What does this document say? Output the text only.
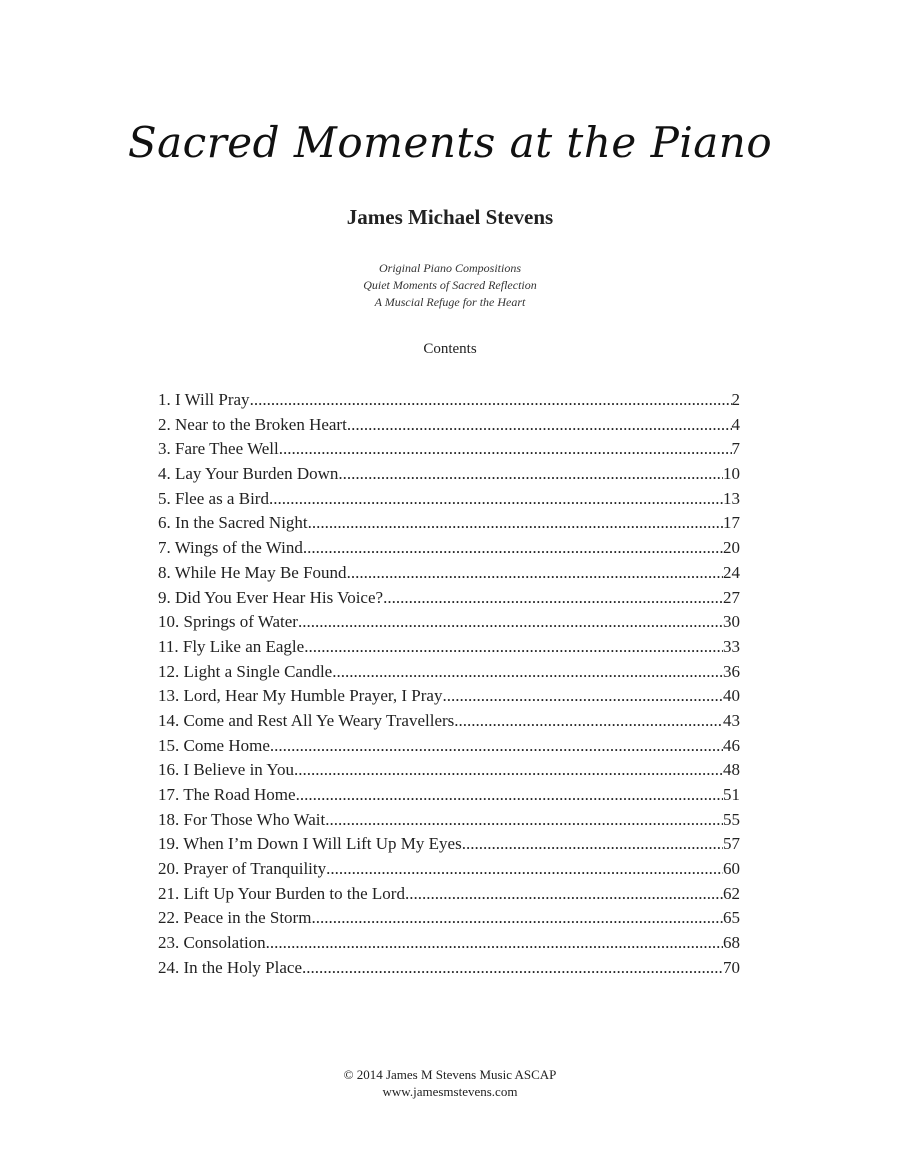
Sacred Moments at the Piano
James Michael Stevens
Original Piano Compositions
Quiet Moments of Sacred Reflection
A Muscial Refuge for the Heart
Contents
1. I Will Pray .....	2
2. Near to the Broken Heart .....	4
3. Fare Thee Well .....	7
4. Lay Your Burden Down .....	10
5. Flee as a Bird .....	13
6. In the Sacred Night .....	17
7. Wings of the Wind .....	20
8. While He May Be Found .....	24
9. Did You Ever Hear His Voice? .....	27
10. Springs of Water .....	30
11. Fly Like an Eagle .....	33
12. Light a Single Candle .....	36
13. Lord, Hear My Humble Prayer, I Pray .....	40
14. Come and Rest All Ye Weary Travellers .....	43
15. Come Home .....	46
16. I Believe in You .....	48
17. The Road Home .....	51
18. For Those Who Wait .....	55
19. When I’m Down I Will Lift Up My Eyes .....	57
20. Prayer of Tranquility .....	60
21. Lift Up Your Burden to the Lord .....	62
22. Peace in the Storm .....	65
23. Consolation .....	68
24. In the Holy Place .....	70
© 2014 James M Stevens Music ASCAP
www.jamesmstevens.com
